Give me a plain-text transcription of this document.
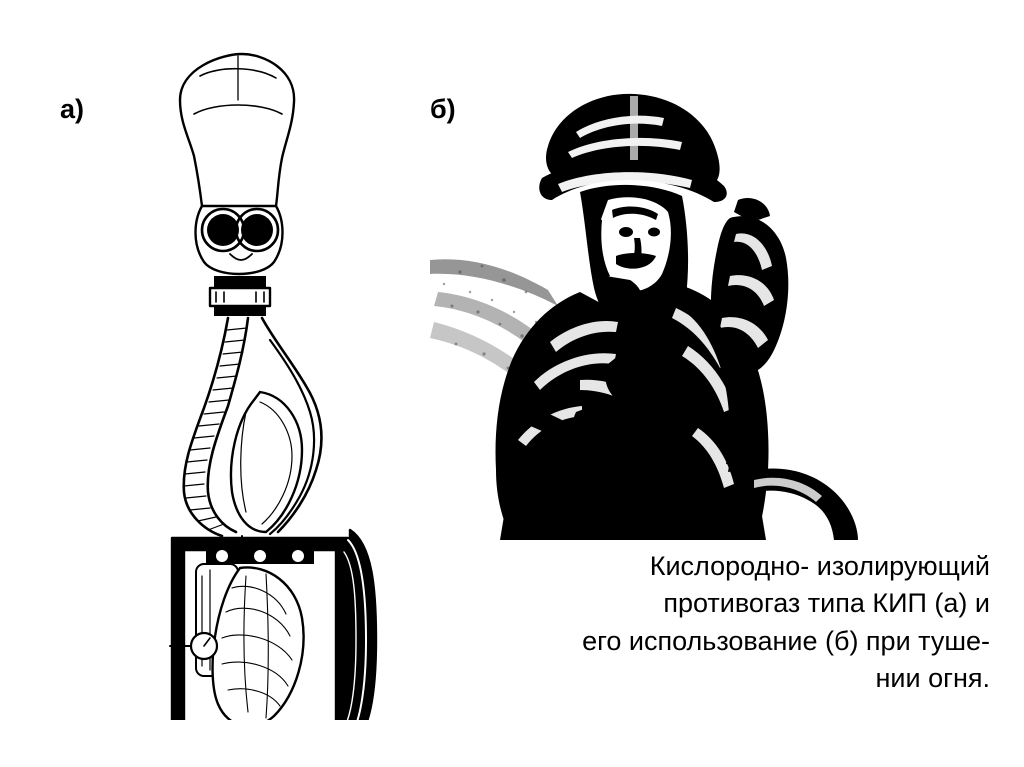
а)	б)
Кислородно- изолирующий
противогаз типа КИП (а) и
его использование (б) при туше-
нии огня.
